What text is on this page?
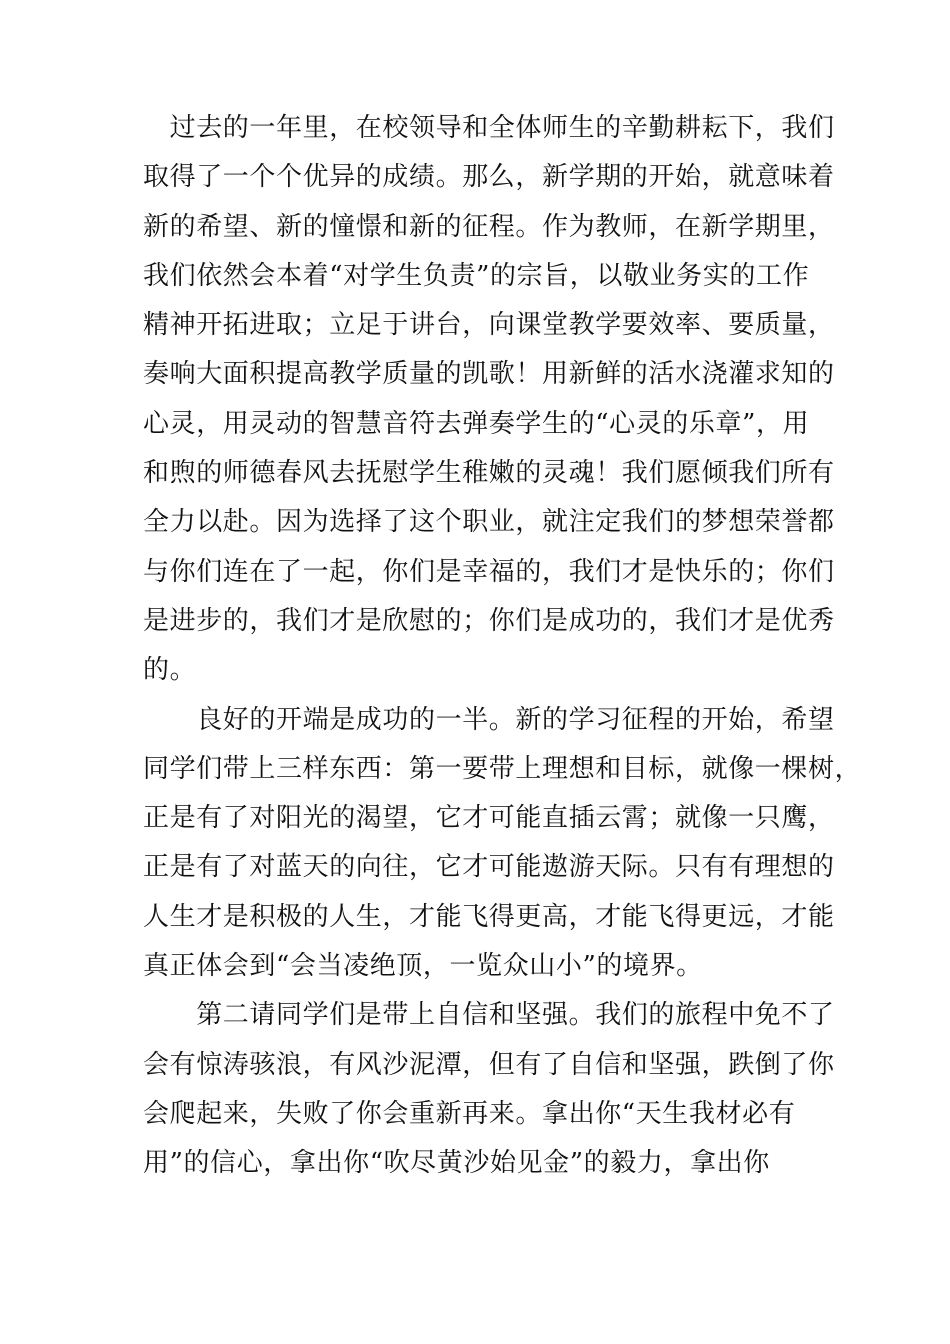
　过去的一年里，在校领导和全体师生的辛勤耕耘下，我们
取得了一个个优异的成绩。那么，新学期的开始，就意味着
新的希望、新的憧憬和新的征程。作为教师，在新学期里，
我们依然会本着“对学生负责”的宗旨，以敬业务实的工作
精神开拓进取；立足于讲台，向课堂教学要效率、要质量，
奏响大面积提高教学质量的凯歌！用新鲜的活水浇灌求知的
心灵，用灵动的智慧音符去弹奏学生的“心灵的乐章”，用
和煦的师德春风去抚慰学生稚嫩的灵魂！我们愿倾我们所有
全力以赴。因为选择了这个职业，就注定我们的梦想荣誉都
与你们连在了一起，你们是幸福的，我们才是快乐的；你们
是进步的，我们才是欣慰的；你们是成功的，我们才是优秀
的。
　　良好的开端是成功的一半。新的学习征程的开始，希望
同学们带上三样东西：第一要带上理想和目标，就像一棵树，
正是有了对阳光的渴望，它才可能直插云霄；就像一只鹰，
正是有了对蓝天的向往，它才可能遨游天际。只有有理想的
人生才是积极的人生，才能飞得更高，才能飞得更远，才能
真正体会到“会当凌绝顶，一览众山小”的境界。
　　第二请同学们是带上自信和坚强。我们的旅程中免不了
会有惊涛骇浪，有风沙泥潭，但有了自信和坚强，跌倒了你
会爬起来，失败了你会重新再来。拿出你“天生我材必有
用”的信心，拿出你“吹尽黄沙始见金”的毅力，拿出你
